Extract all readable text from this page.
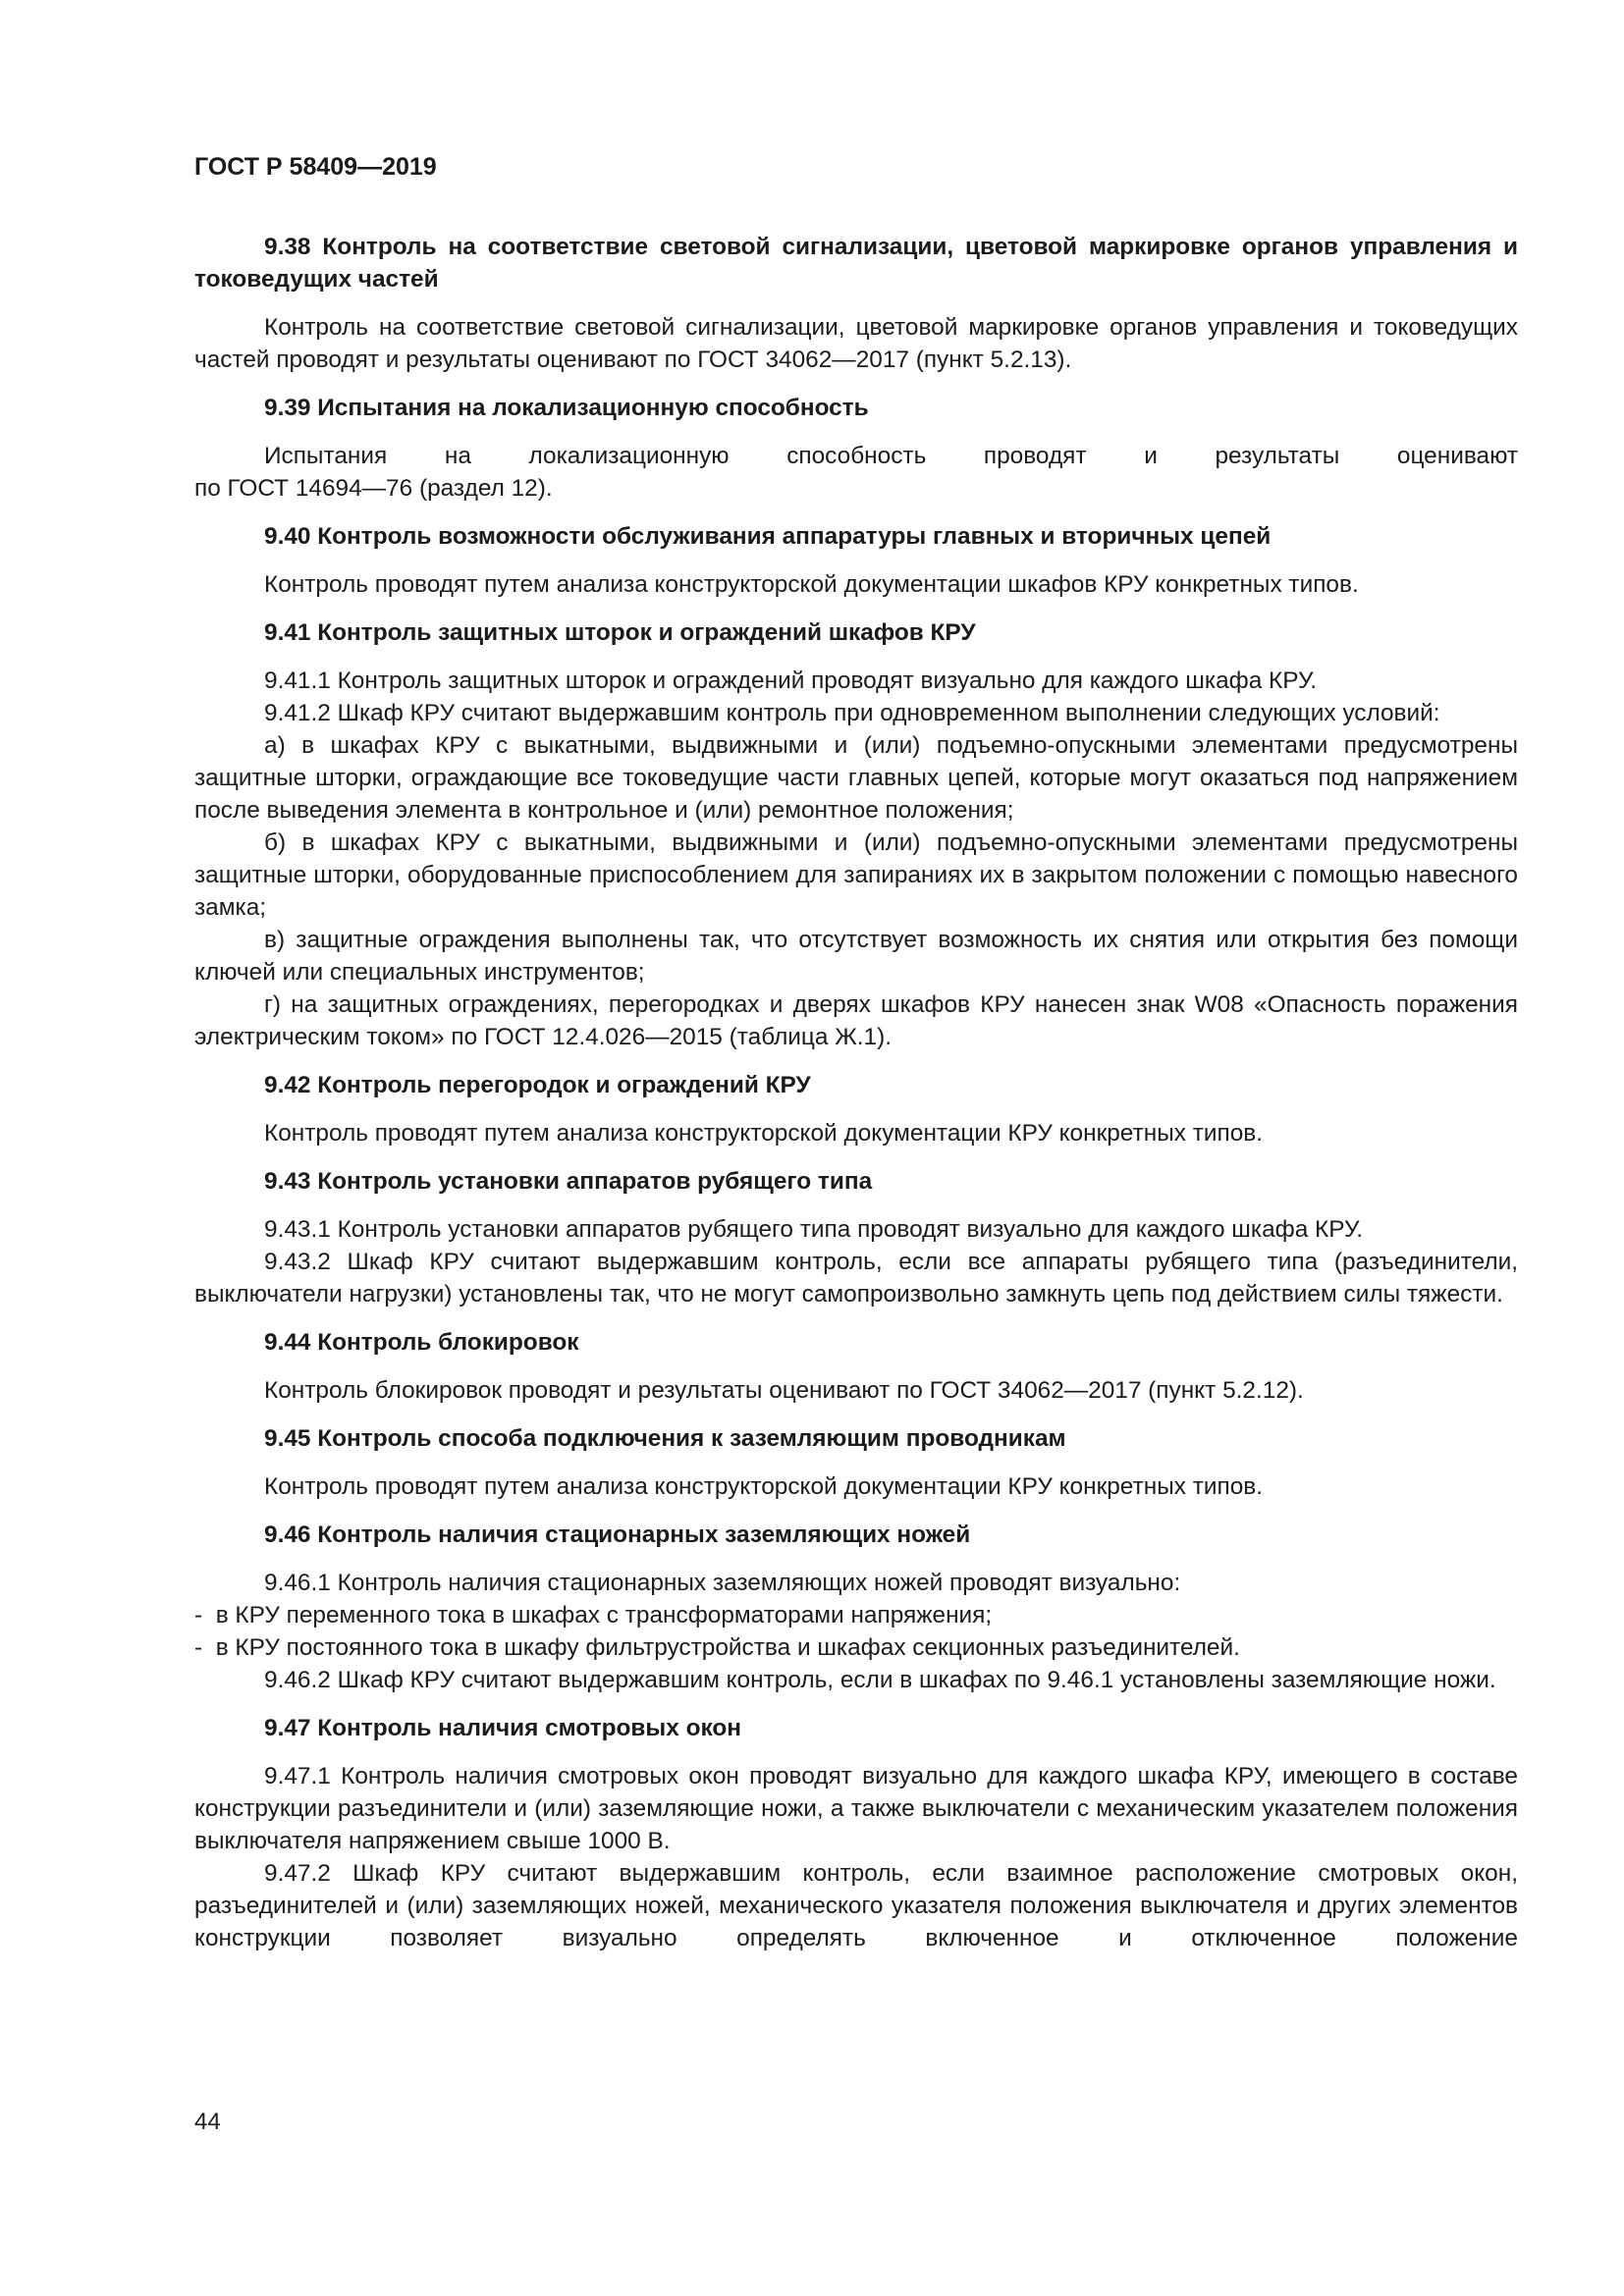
ГОСТ Р 58409—2019
9.38 Контроль на соответствие световой сигнализации, цветовой маркировке органов управления и токоведущих частей

Контроль на соответствие световой сигнализации, цветовой маркировке органов управления и токоведущих частей проводят и результаты оценивают по ГОСТ 34062—2017 (пункт 5.2.13).

9.39 Испытания на локализационную способность

Испытания на локализационную способность проводят и результаты оценивают

по ГОСТ 14694—76 (раздел 12).

9.40 Контроль возможности обслуживания аппаратуры главных и вторичных цепей

Контроль проводят путем анализа конструкторской документации шкафов КРУ конкретных типов.

9.41 Контроль защитных шторок и ограждений шкафов КРУ

9.41.1 Контроль защитных шторок и ограждений проводят визуально для каждого шкафа КРУ.

9.41.2 Шкаф КРУ считают выдержавшим контроль при одновременном выполнении следующих условий:

а) в шкафах КРУ с выкатными, выдвижными и (или) подъемно-опускными элементами предусмотрены защитные шторки, ограждающие все токоведущие части главных цепей, которые могут оказаться под напряжением после выведения элемента в контрольное и (или) ремонтное положения;

б) в шкафах КРУ с выкатными, выдвижными и (или) подъемно-опускными элементами предусмотрены защитные шторки, оборудованные приспособлением для запираниях их в закрытом положении с помощью навесного замка;

в) защитные ограждения выполнены так, что отсутствует возможность их снятия или открытия без помощи ключей или специальных инструментов;

г) на защитных ограждениях, перегородках и дверях шкафов КРУ нанесен знак W08 «Опасность поражения электрическим током» по ГОСТ 12.4.026—2015 (таблица Ж.1).

9.42 Контроль перегородок и ограждений КРУ

Контроль проводят путем анализа конструкторской документации КРУ конкретных типов.

9.43 Контроль установки аппаратов рубящего типа

9.43.1 Контроль установки аппаратов рубящего типа проводят визуально для каждого шкафа КРУ.

9.43.2 Шкаф КРУ считают выдержавшим контроль, если все аппараты рубящего типа (разъединители, выключатели нагрузки) установлены так, что не могут самопроизвольно замкнуть цепь под действием силы тяжести.

9.44 Контроль блокировок

Контроль блокировок проводят и результаты оценивают по ГОСТ 34062—2017 (пункт 5.2.12).

9.45 Контроль способа подключения к заземляющим проводникам

Контроль проводят путем анализа конструкторской документации КРУ конкретных типов.

9.46 Контроль наличия стационарных заземляющих ножей

9.46.1 Контроль наличия стационарных заземляющих ножей проводят визуально:

- в КРУ переменного тока в шкафах с трансформаторами напряжения;

- в КРУ постоянного тока в шкафу фильтрустройства и шкафах секционных разъединителей.

9.46.2 Шкаф КРУ считают выдержавшим контроль, если в шкафах по 9.46.1 установлены заземляющие ножи.

9.47 Контроль наличия смотровых окон

9.47.1 Контроль наличия смотровых окон проводят визуально для каждого шкафа КРУ, имеющего в составе конструкции разъединители и (или) заземляющие ножи, а также выключатели с механическим указателем положения выключателя напряжением свыше 1000 В.

9.47.2 Шкаф КРУ считают выдержавшим контроль, если взаимное расположение смотровых окон, разъединителей и (или) заземляющих ножей, механического указателя положения выключателя и других элементов конструкции позволяет визуально определять включенное и отключенное положение

44
